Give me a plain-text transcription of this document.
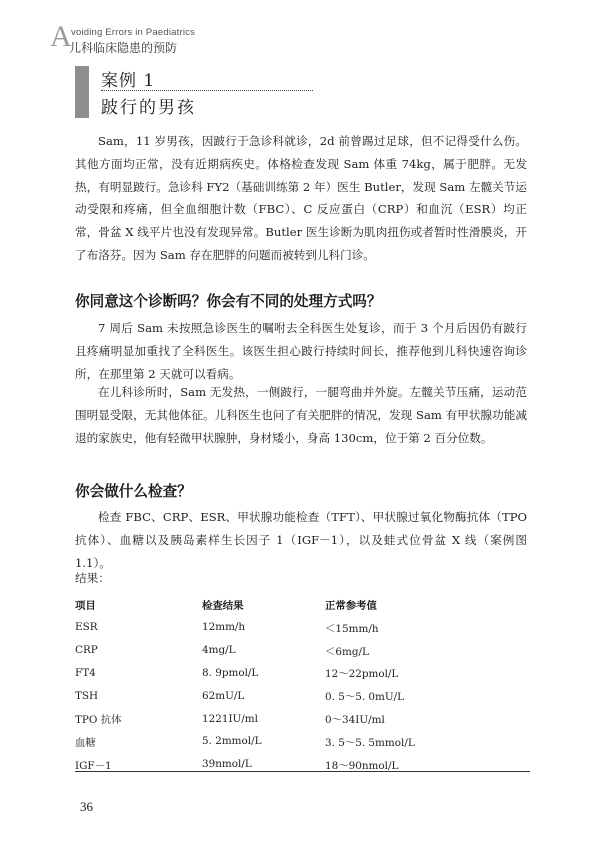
A voiding Errors in Paediatrics
儿科临床隐患的预防
案例 1
跛行的男孩

Sam，11 岁男孩，因跛行于急诊科就诊，2d 前曾踢过足球，但不记得受什么伤。其他方面均正常，没有近期病疾史。体格检查发现 Sam 体重 74kg，属于肥胖。无发热，有明显跛行。急诊科 FY2（基础训练第 2 年）医生 Butler，发现 Sam 左髋关节运动受限和疼痛，但全血细胞计数（FBC）、C 反应蛋白（CRP）和血沉（ESR）均正常，骨盆 X 线平片也没有发现异常。Butler 医生诊断为肌肉扭伤或者暂时性滑膜炎，开了布洛芬。因为 Sam 存在肥胖的问题而被转到儿科门诊。

你同意这个诊断吗？你会有不同的处理方式吗？

7 周后 Sam 未按照急诊医生的嘱咐去全科医生处复诊，而于 3 个月后因仍有跛行且疼痛明显加重找了全科医生。该医生担心跛行持续时间长，推荐他到儿科快速咨询诊所，在那里第 2 天就可以看病。

在儿科诊所时，Sam 无发热，一侧跛行，一腿弯曲并外旋。左髋关节压痛，运动范围明显受限，无其他体征。儿科医生也问了有关肥胖的情况，发现 Sam 有甲状腺功能减退的家族史，他有轻微甲状腺肿，身材矮小，身高 130cm，位于第 2 百分位数。

你会做什么检查？

检查 FBC、CRP、ESR、甲状腺功能检查（TFT）、甲状腺过氧化物酶抗体（TPO 抗体）、血糖以及胰岛素样生长因子 1（IGF－1），以及蛙式位骨盆 X 线（案例图 1.1）。

结果：
项目	检查结果	正常参考值
ESR	12mm/h	＜15mm/h
CRP	4mg/L	＜6mg/L
FT4	8. 9pmol/L	12～22pmol/L
TSH	62mU/L	0. 5～5. 0mU/L
TPO 抗体	1221IU/ml	0～34IU/ml
血糖	5. 2mmol/L	3. 5～5. 5mmol/L
IGF－1	39nmol/L	18～90nmol/L
36
